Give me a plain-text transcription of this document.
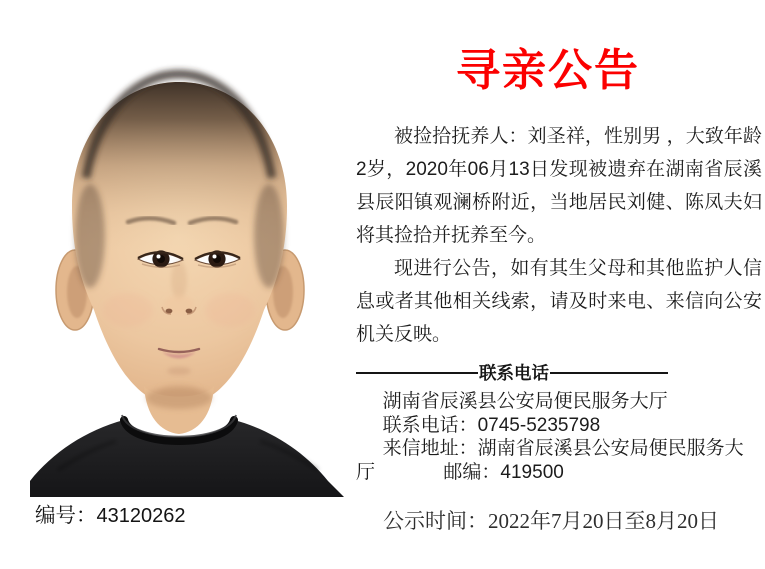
寻亲公告

被捡拾抚养人：刘圣祥，性别男 ，大致年龄2岁，2020年06月13日发现被遗弃在湖南省辰溪县辰阳镇观澜桥附近，当地居民刘健、陈凤夫妇将其捡拾并抚养至今。

现进行公告，如有其生父母和其他监护人信息或者其他相关线索，请及时来电、来信向公安机关反映。

联系电话

湖南省辰溪县公安局便民服务大厅

联系电话：0745-5235798

来信地址：湖南省辰溪县公安局便民服务大厅	邮编：419500

编号：43120262	公示时间：2022年7月20日至8月20日
